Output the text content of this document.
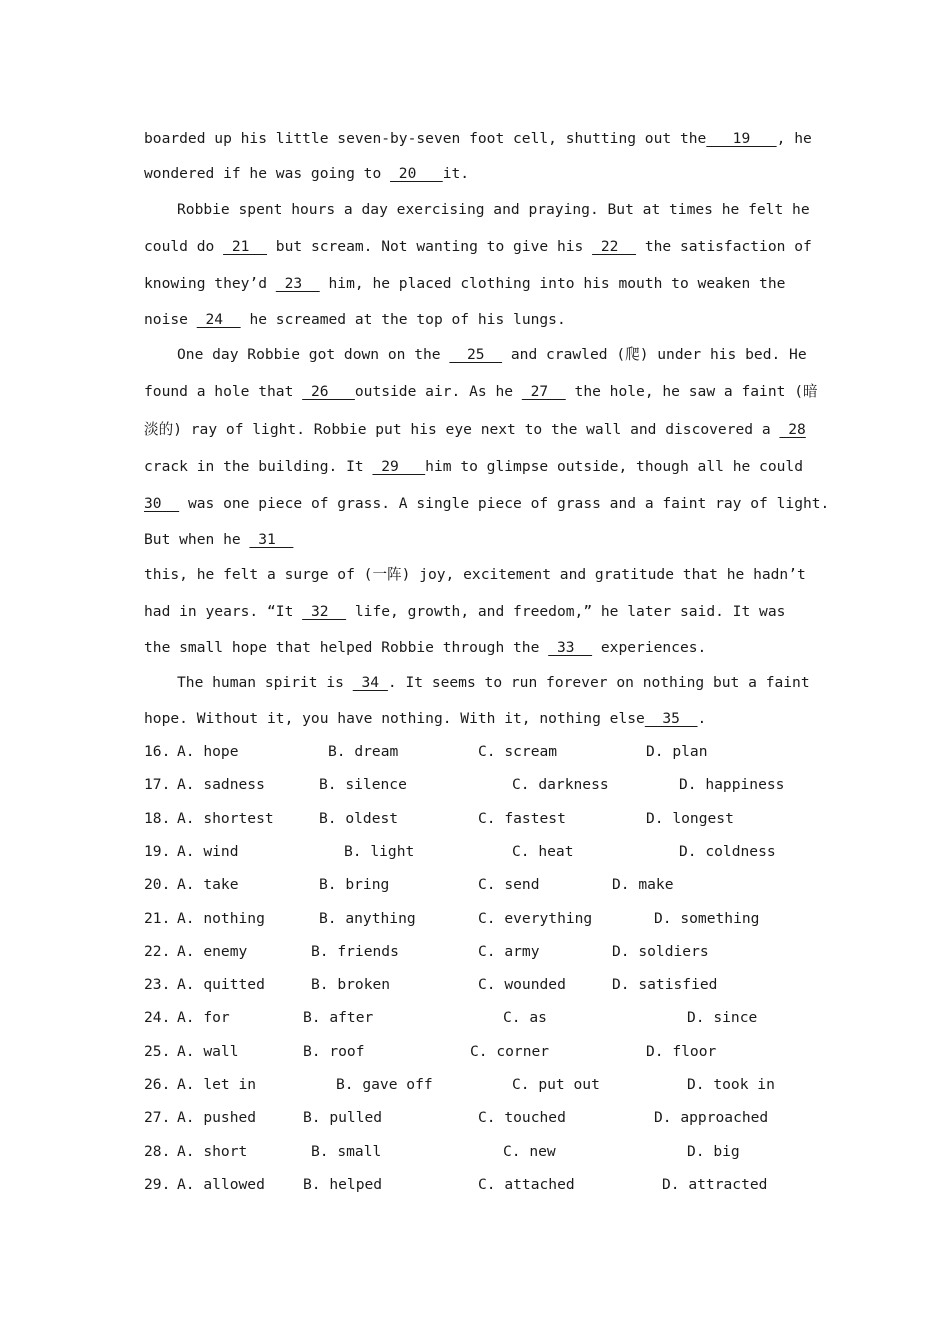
boarded up his little seven-by-seven foot cell, shutting out the 19   , he
wondered if he was going to  20   it.
Robbie spent hours a day exercising and praying. But at times he felt he
could do  21   but scream. Not wanting to give his  22   the satisfaction of
knowing they’d  23   him, he placed clothing into his mouth to weaken the
noise  24   he screamed at the top of his lungs.
One day Robbie got down on the   25   and crawled (爬) under his bed. He
found a hole that  26   outside air. As he  27   the hole, he saw a faint (暗
淡的) ray of light. Robbie put his eye next to the wall and discovered a  28
crack in the building. It  29   him to glimpse outside, though all he could
30   was one piece of grass. A single piece of grass and a faint ray of light.
But when he  31
this, he felt a surge of (一阵) joy, excitement and gratitude that he hadn’t
had in years. “It  32   life, growth, and freedom,” he later said. It was
the small hope that helped Robbie through the  33   experiences.
The human spirit is  34 . It seems to run forever on nothing but a faint
hope. Without it, you have nothing. With it, nothing else  35  .
16. A. hope	B. dream	C. scream	D. plan
17. A. sadness	B. silence	C. darkness	D. happiness
18. A. shortest	B. oldest	C. fastest	D. longest
19. A. wind	B. light	C. heat	D. coldness
20. A. take	B. bring	C. send	D. make
21. A. nothing	B. anything	C. everything	D. something
22. A. enemy	B. friends	C. army	D. soldiers
23. A. quitted	B. broken	C. wounded	D. satisfied
24. A. for	B. after	C. as	D. since
25. A. wall	B. roof	C. corner	D. floor
26. A. let in	B. gave off	C. put out	D. took in
27. A. pushed	B. pulled	C. touched	D. approached
28. A. short	B. small	C. new	D. big
29. A. allowed	B. helped	C. attached	D. attracted
